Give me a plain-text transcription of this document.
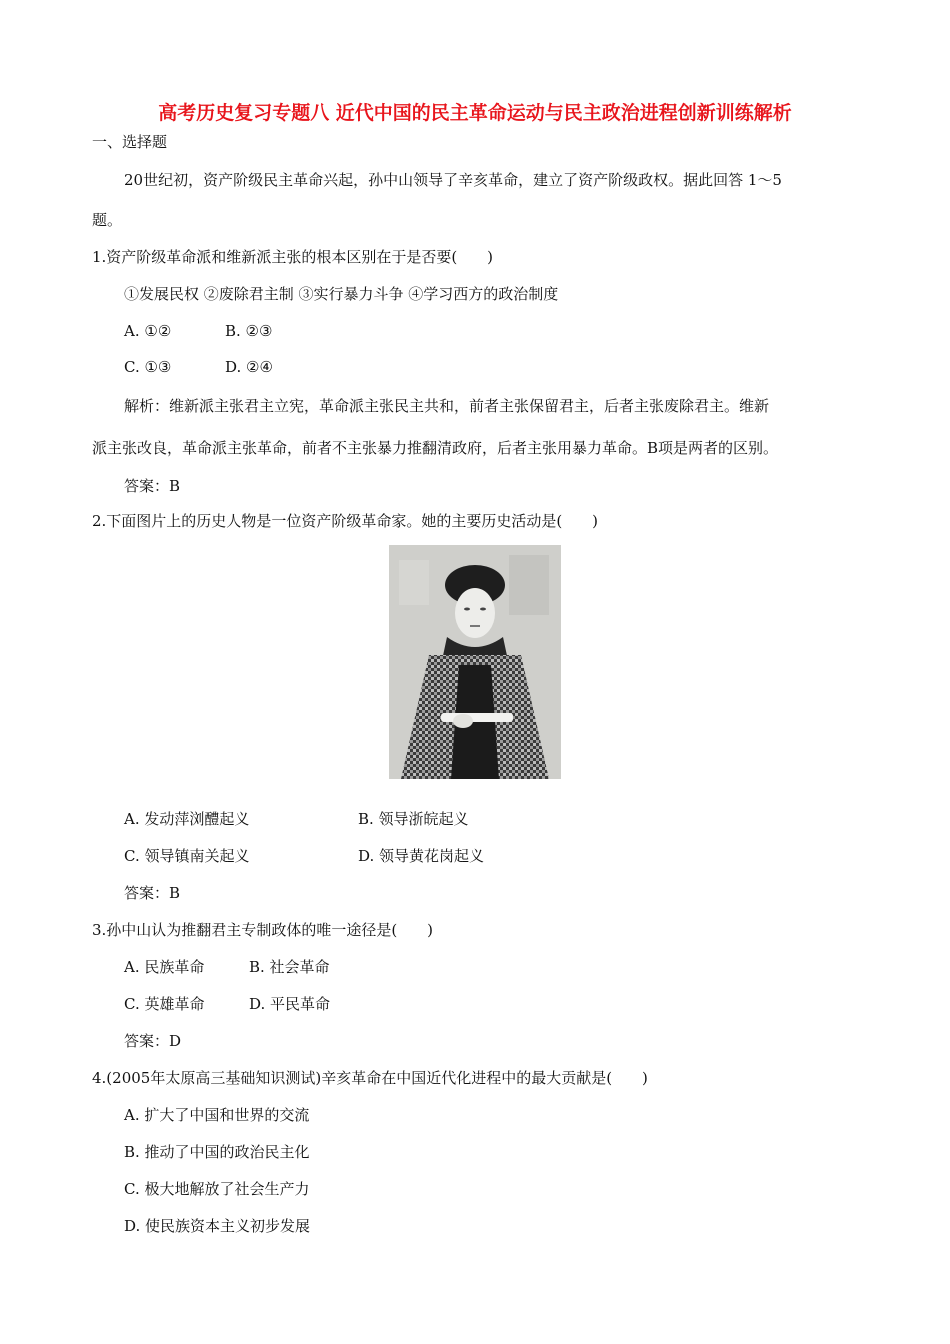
高考历史复习专题八 近代中国的民主革命运动与民主政治进程创新训练解析
一、选择题
20世纪初，资产阶级民主革命兴起，孙中山领导了辛亥革命，建立了资产阶级政权。据此回答 1～5
题。
1.资产阶级革命派和维新派主张的根本区别在于是否要(　　)
①发展民权 ②废除君主制 ③实行暴力斗争 ④学习西方的政治制度
A. ①②	B. ②③
C. ①③	D. ②④
解析：维新派主张君主立宪，革命派主张民主共和，前者主张保留君主，后者主张废除君主。维新
派主张改良，革命派主张革命，前者不主张暴力推翻清政府，后者主张用暴力革命。B项是两者的区别。
答案：B
2.下面图片上的历史人物是一位资产阶级革命家。她的主要历史活动是(　　)
A. 发动萍浏醴起义	B. 领导浙皖起义
C. 领导镇南关起义	D. 领导黄花岗起义
答案：B
3.孙中山认为推翻君主专制政体的唯一途径是(　　)
A. 民族革命	B. 社会革命
C. 英雄革命	D. 平民革命
答案：D
4.(2005年太原高三基础知识测试)辛亥革命在中国近代化进程中的最大贡献是(　　)
A. 扩大了中国和世界的交流
B. 推动了中国的政治民主化
C. 极大地解放了社会生产力
D. 使民族资本主义初步发展
